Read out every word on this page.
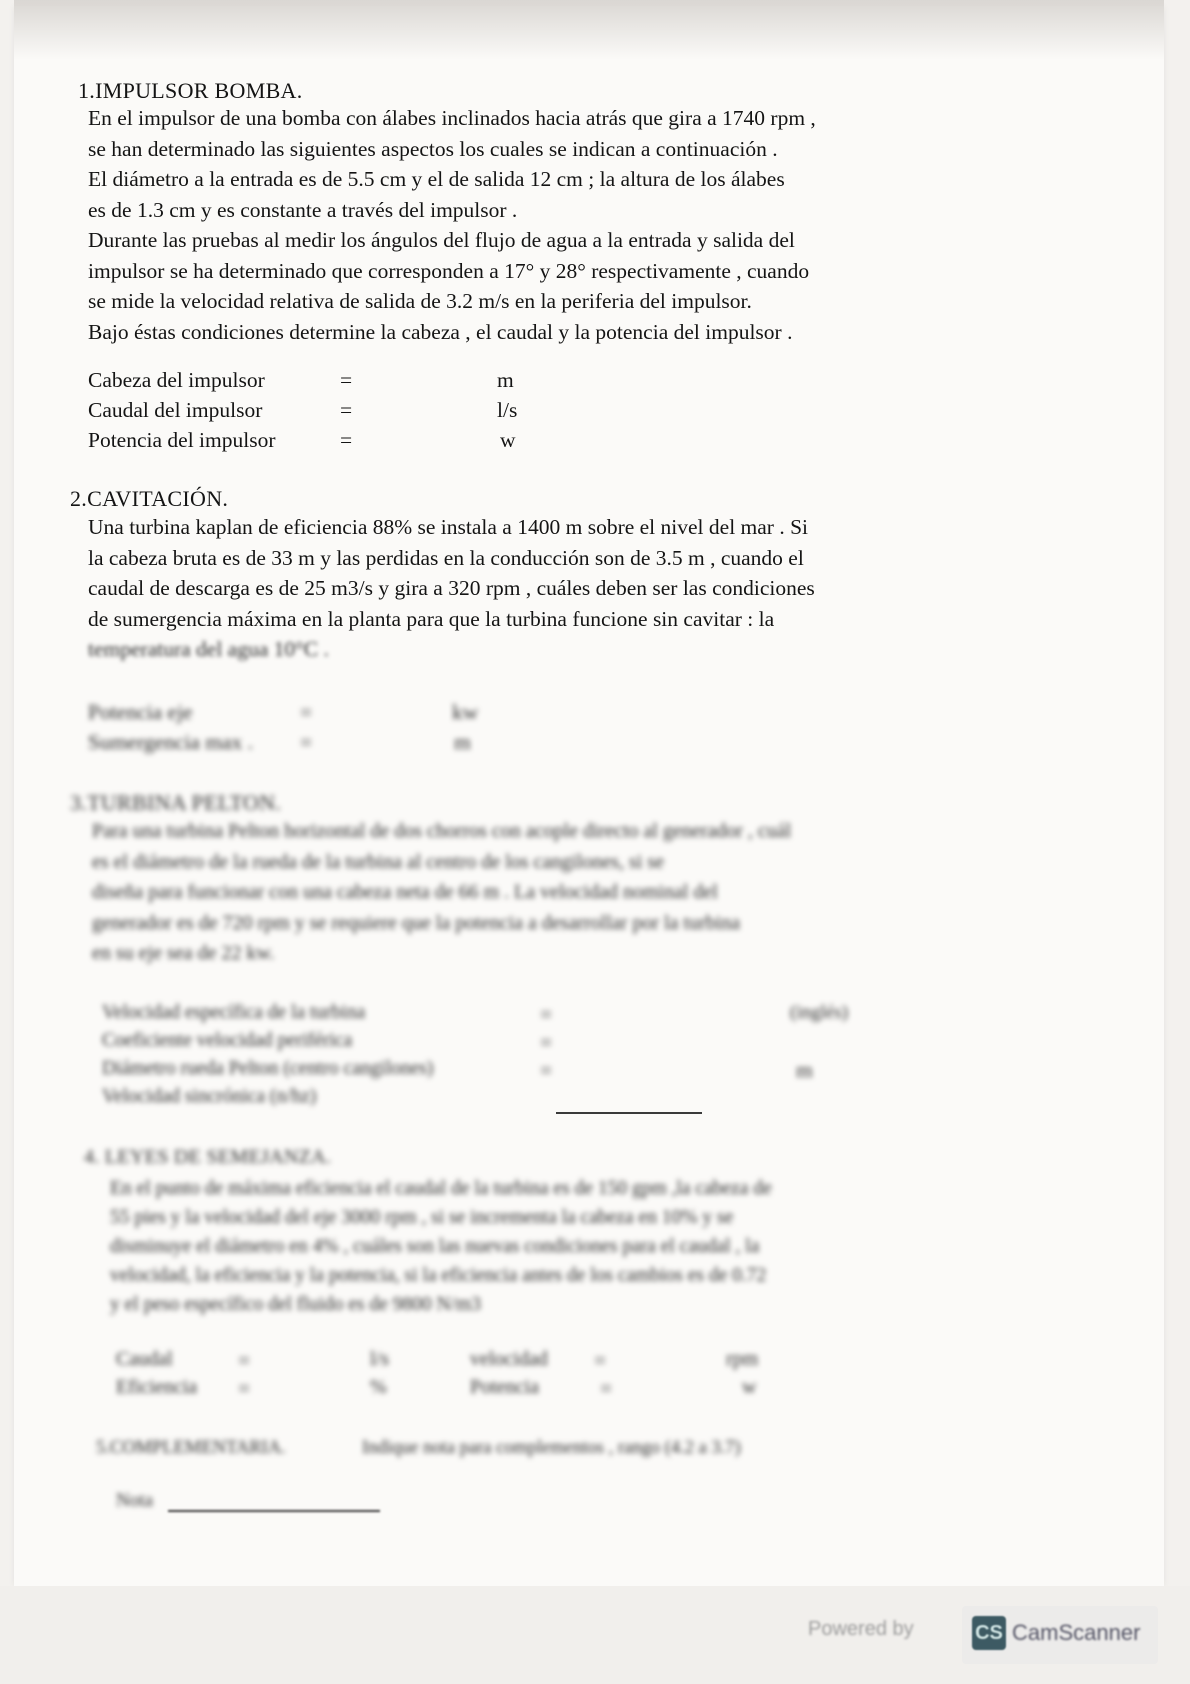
1.IMPULSOR BOMBA.
En el impulsor de una bomba con álabes inclinados hacia atrás que gira a 1740 rpm ,
se han determinado las siguientes aspectos los cuales se indican a continuación .
El diámetro a la entrada es de 5.5 cm y el de salida 12 cm ; la altura de los álabes
es de 1.3 cm y es constante a través del impulsor .
Durante las pruebas al medir los ángulos del flujo de agua a la entrada y salida del
impulsor se ha determinado que corresponden a 17° y 28° respectivamente , cuando
se mide la velocidad relativa de salida de 3.2 m/s en la periferia del impulsor.
Bajo éstas condiciones determine la cabeza , el caudal y la potencia del impulsor .
Cabeza del impulsor	=	m
Caudal del impulsor	=	l/s
Potencia del impulsor	=	w
2.CAVITACIÓN.
Una turbina kaplan de eficiencia 88% se instala a 1400 m sobre el nivel del mar . Si
la cabeza bruta es de 33 m y las perdidas en la conducción son de 3.5 m , cuando el
caudal de descarga es de 25 m3/s y gira a 320 rpm , cuáles deben ser las condiciones
de sumergencia máxima en la planta para que la turbina funcione sin cavitar : la
temperatura del agua 10°C .
Potencia eje	=	kw
Sumergencia max . =	m
3.TURBINA PELTON.
Para una turbina Pelton horizontal de dos chorros con acople directo al generador , cuál
es el diámetro de la rueda de la turbina al centro de los cangilones, si se
diseña para funcionar con una cabeza neta de 66 m . La velocidad nominal del
generador es de 720 rpm y se requiere que la potencia a desarrollar por la turbina
en su eje sea de 22 kw.
Velocidad específica de la turbina	=	(inglés)
Coeficiente velocidad periférica	=
Diámetro rueda Pelton (centro cangilones)	=	m
Velocidad sincrónica (n/hz)
4. LEYES DE SEMEJANZA.
En el punto de máxima eficiencia el caudal de la turbina es de 150 gpm ,la cabeza de
55 pies y la velocidad del eje 3000 rpm , si se incrementa la cabeza en 10% y se
disminuye el diámetro en 4% , cuáles son las nuevas condiciones para el caudal , la
velocidad, la eficiencia y la potencia, si la eficiencia antes de los cambios es de 0.72
y el peso específico del fluido es de 9800 N/m3
Caudal	=	l/s	velocidad =	rpm
Eficiencia =	%	Potencia	=	w
5.COMPLEMENTARIA.	Indique nota para complementos , rango (4.2 a 3.7)
Nota
Powered by	CS CamScanner
